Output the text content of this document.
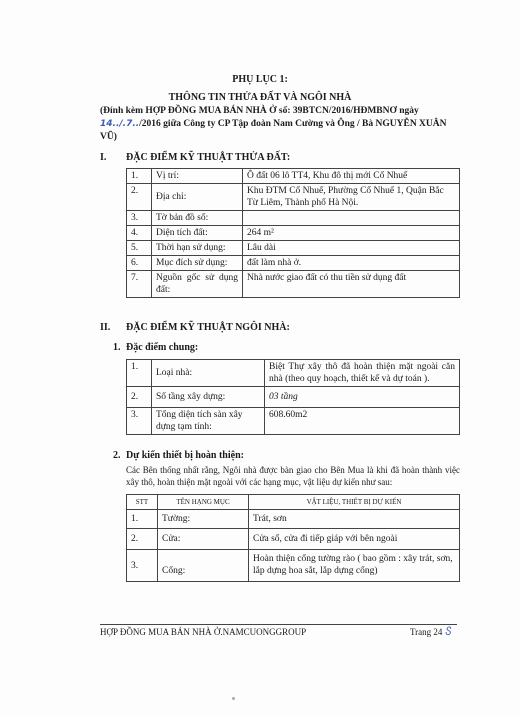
PHỤ LỤC 1:
THÔNG TIN THỬA ĐẤT VÀ NGÔI NHÀ
(Đính kèm HỢP ĐỒNG MUA BÁN NHÀ Ở số: 39BTCN/2016/HĐMBNƠ ngày
14../.7../2016 giữa Công ty CP Tập đoàn Nam Cường và Ông / Bà NGUYỄN XUÂN
VŨ)
I. ĐẶC ĐIỂM KỸ THUẬT THỬA ĐẤT:
1.	Vị trí:	Ô đất 06 lô TT4, Khu đô thị mới Cổ Nhuế
2.	Địa chỉ:	Khu ĐTM Cổ Nhuế, Phường Cổ Nhuế 1, Quận Bắc Từ Liêm, Thành phố Hà Nội.
3.	Tờ bản đồ số:	
4.	Diện tích đất:	264 m²
5.	Thời hạn sử dụng:	Lâu dài
6.	Mục đích sử dụng:	đất làm nhà ở.
7.	Nguồn gốc sử dụng đất:	Nhà nước giao đất có thu tiền sử dụng đất
II. ĐẶC ĐIỂM KỸ THUẬT NGÔI NHÀ:
1. Đặc điểm chung:
1.	Loại nhà:	Biệt Thự xây thô đã hoàn thiện mặt ngoài căn nhà (theo quy hoạch, thiết kế và dự toán ).
2.	Số tầng xây dựng:	03 tầng
3.	Tổng diện tích sàn xây dựng tạm tính:	608.60m2
2. Dự kiến thiết bị hoàn thiện:
Các Bên thống nhất rằng, Ngôi nhà được bàn giao cho Bên Mua là khi đã hoàn thành việc xây thô, hoàn thiện mặt ngoài với các hạng mục, vật liệu dự kiến như sau:
STT	TÊN HẠNG MỤC	VẬT LIỆU, THIẾT BỊ DỰ KIẾN
1.	Tường:	Trát, sơn
2.	Cửa:	Cửa sổ, cửa đi tiếp giáp với bên ngoài
3.	Cổng:	Hoàn thiện cổng tường rào ( bao gồm : xây trát, sơn, lắp dựng hoa sắt, lắp dựng cổng)
HỢP ĐỒNG MUA BÁN NHÀ Ở.NAMCUONGGROUP	Trang 24 Ⴝ
